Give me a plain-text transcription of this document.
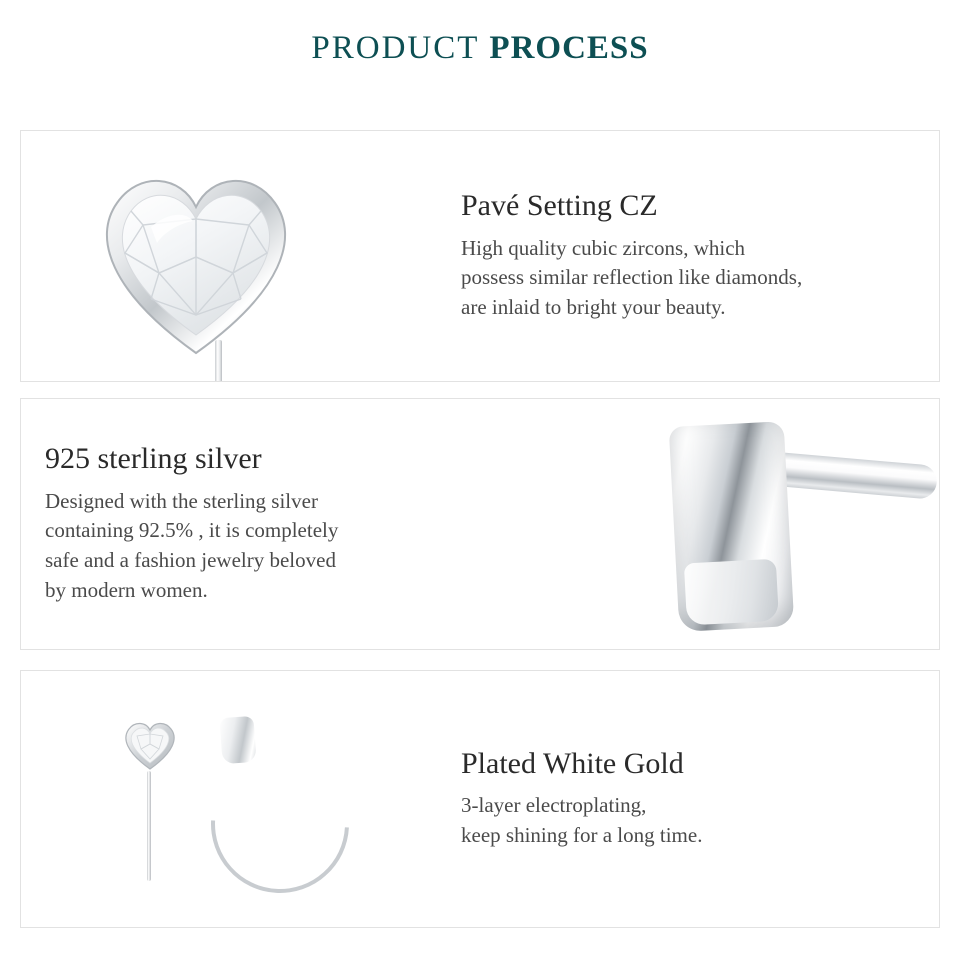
PRODUCT PROCESS
Pavé Setting CZ

High quality cubic zircons, which
possess similar reflection like diamonds,
are inlaid to bright your beauty.

925 sterling silver

Designed with the sterling silver
containing 92.5% , it is completely
safe and a fashion jewelry beloved
by modern women.

Plated White Gold

3-layer electroplating,
keep shining for a long time.
